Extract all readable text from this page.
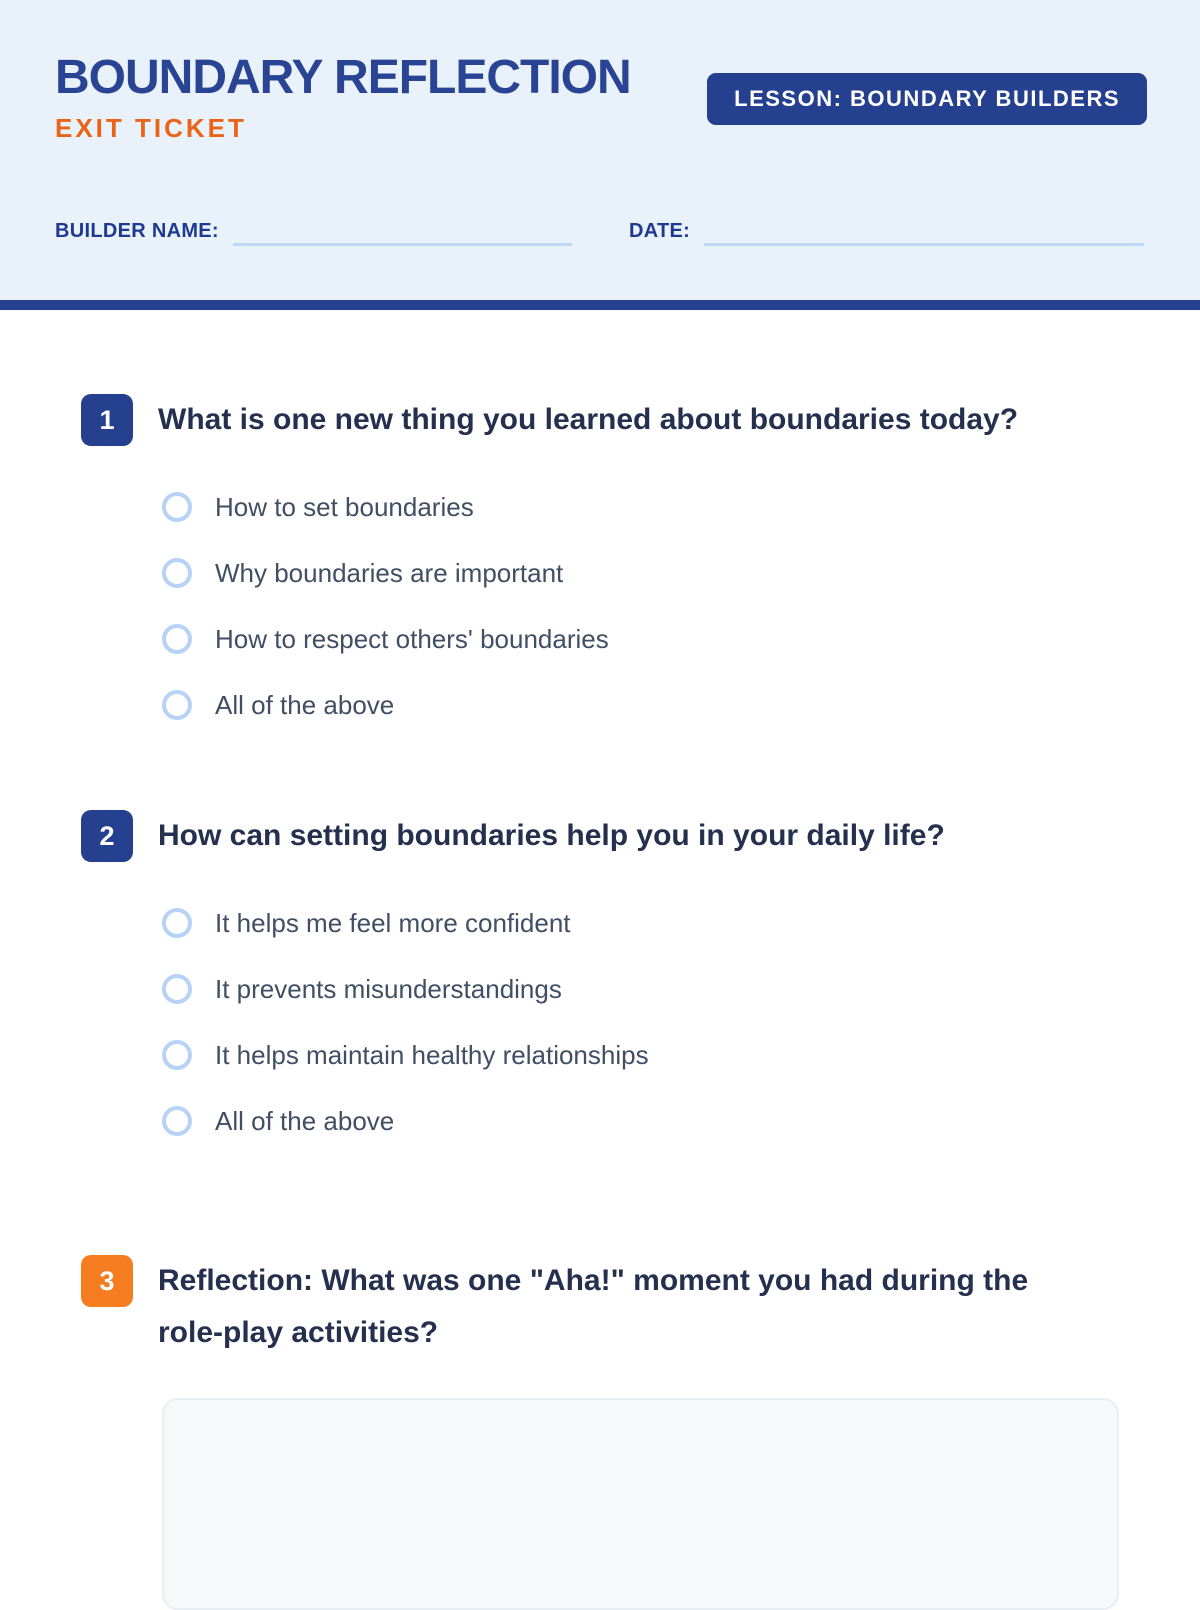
BOUNDARY REFLECTION
EXIT TICKET
LESSON: BOUNDARY BUILDERS
BUILDER NAME:	DATE:
1	What is one new thing you learned about boundaries today?
How to set boundaries
Why boundaries are important
How to respect others' boundaries
All of the above
2	How can setting boundaries help you in your daily life?
It helps me feel more confident
It prevents misunderstandings
It helps maintain healthy relationships
All of the above
3	Reflection: What was one "Aha!" moment you had during the role-play activities?
